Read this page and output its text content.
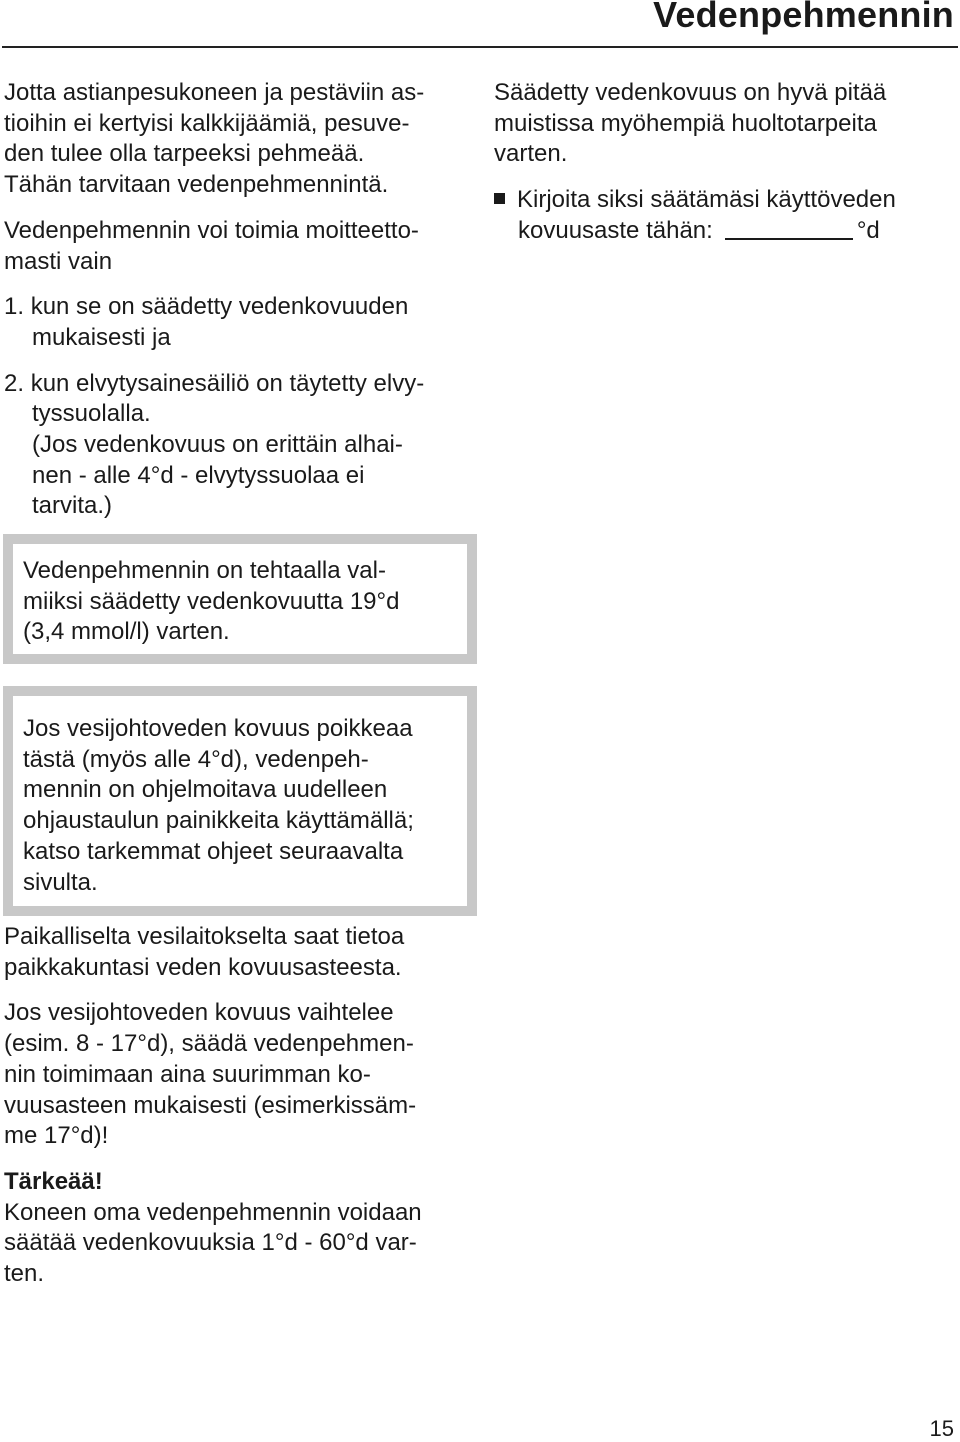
Vedenpehmennin
Jotta astianpesukoneen ja pestäviin as-
tioihin ei kertyisi kalkkijäämiä, pesuve-
den tulee olla tarpeeksi pehmeää.
Tähän tarvitaan vedenpehmennintä.
Vedenpehmennin voi toimia moitteetto-
masti vain
1. kun se on säädetty vedenkovuuden
mukaisesti ja
2. kun elvytysainesäiliö on täytetty elvy-
tyssuolalla.
(Jos vedenkovuus on erittäin alhai-
nen - alle 4°d - elvytyssuolaa ei
tarvita.)
Vedenpehmennin on tehtaalla val-
miiksi säädetty vedenkovuutta 19°d
(3,4 mmol/l) varten.
Jos vesijohtoveden kovuus poikkeaa
tästä (myös alle 4°d), vedenpeh-
mennin on ohjelmoitava uudelleen
ohjaustaulun painikkeita käyttämällä;
katso tarkemmat ohjeet seuraavalta
sivulta.
Paikalliselta vesilaitokselta saat tietoa
paikkakuntasi veden kovuusasteesta.
Jos vesijohtoveden kovuus vaihtelee
(esim. 8 - 17°d), säädä vedenpehmen-
nin toimimaan aina suurimman ko-
vuusasteen mukaisesti (esimerkissäm-
me 17°d)!
Tärkeää!
Koneen oma vedenpehmennin voidaan
säätää vedenkovuuksia 1°d - 60°d var-
ten.
Säädetty vedenkovuus on hyvä pitää
muistissa myöhempiä huoltotarpeita
varten.
Kirjoita siksi säätämäsi käyttöveden
kovuusaste tähän:	°d
15
